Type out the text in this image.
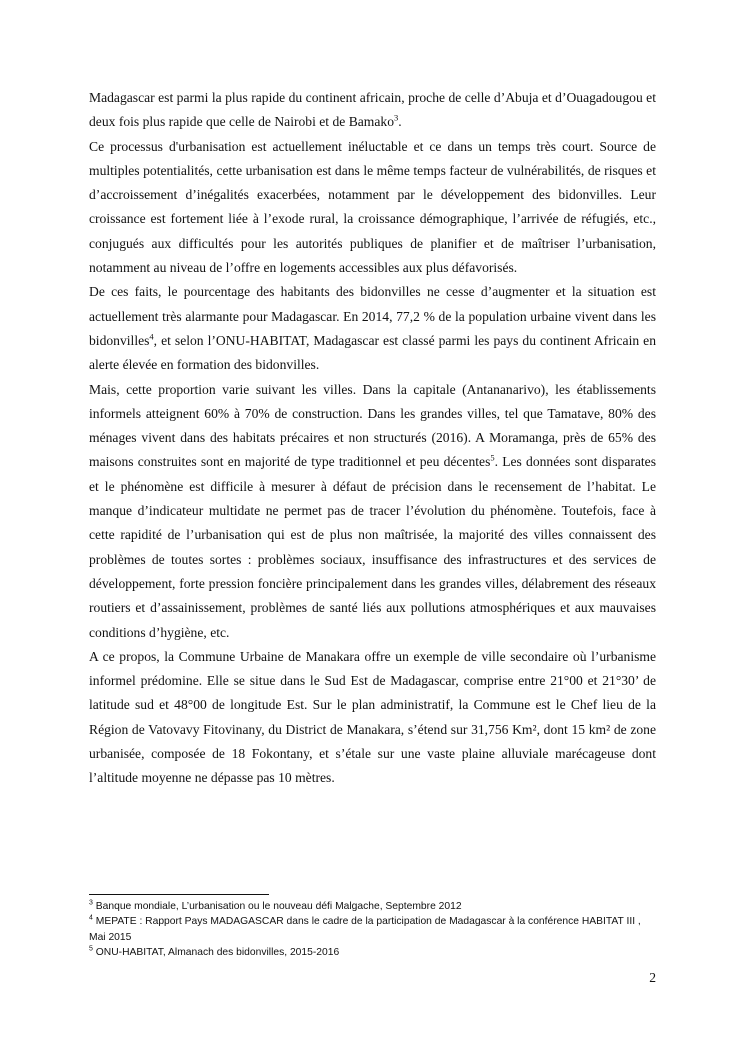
Madagascar est parmi la plus rapide du continent africain, proche de celle d’Abuja et d’Ouagadougou et deux fois plus rapide que celle de Nairobi et de Bamako$^3$.

Ce processus d'urbanisation est actuellement inéluctable et ce dans un temps très court. Source de multiples potentialités, cette urbanisation est dans le même temps facteur de vulnérabilités, de risques et d’accroissement d’inégalités exacerbées, notamment par le développement des bidonvilles. Leur croissance est fortement liée à l’exode rural, la croissance démographique, l’arrivée de réfugiés, etc., conjugués aux difficultés pour les autorités publiques de planifier et de maîtriser l’urbanisation, notamment au niveau de l’offre en logements accessibles aux plus défavorisés.

De ces faits, le pourcentage des habitants des bidonvilles ne cesse d’augmenter et la situation est actuellement très alarmante pour Madagascar. En 2014, 77,2 % de la population urbaine vivent dans les bidonvilles$^4$, et selon l’ONU-HABITAT, Madagascar est classé parmi les pays du continent Africain en alerte élevée en formation des bidonvilles.

Mais, cette proportion varie suivant les villes. Dans la capitale (Antananarivo), les établissements informels atteignent 60% à 70% de construction. Dans les grandes villes, tel que Tamatave, 80% des ménages vivent dans des habitats précaires et non structurés (2016). A Moramanga, près de 65% des maisons construites sont en majorité de type traditionnel et peu décentes$^5$. Les données sont disparates et le phénomène est difficile à mesurer à défaut de précision dans le recensement de l’habitat. Le manque d’indicateur multidate ne permet pas de tracer l’évolution du phénomène. Toutefois, face à cette rapidité de l’urbanisation qui est de plus non maîtrisée, la majorité des villes connaissent des problèmes de toutes sortes : problèmes sociaux, insuffisance des infrastructures et des services de développement, forte pression foncière principalement dans les grandes villes, délabrement des réseaux routiers et d’assainissement, problèmes de santé liés aux pollutions atmosphériques et aux mauvaises conditions d’hygiène, etc.

A ce propos, la Commune Urbaine de Manakara offre un exemple de ville secondaire où l’urbanisme informel prédomine. Elle se situe dans le Sud Est de Madagascar, comprise entre 21°00 et 21°30’ de latitude sud et 48°00 de longitude Est. Sur le plan administratif, la Commune est le Chef lieu de la Région de Vatovavy Fitovinany, du District de Manakara, s’étend sur 31,756 Km², dont 15 km² de zone urbanisée, composée de 18 Fokontany, et s’étale sur une vaste plaine alluviale marécageuse dont l’altitude moyenne ne dépasse pas 10 mètres.

$^3$ Banque mondiale, L’urbanisation ou le nouveau défi Malgache, Septembre 2012

$^4$ MEPATE : Rapport Pays MADAGASCAR dans le cadre de la participation de Madagascar à la conférence HABITAT III , Mai 2015

$^5$ ONU-HABITAT, Almanach des bidonvilles, 2015-2016

2
